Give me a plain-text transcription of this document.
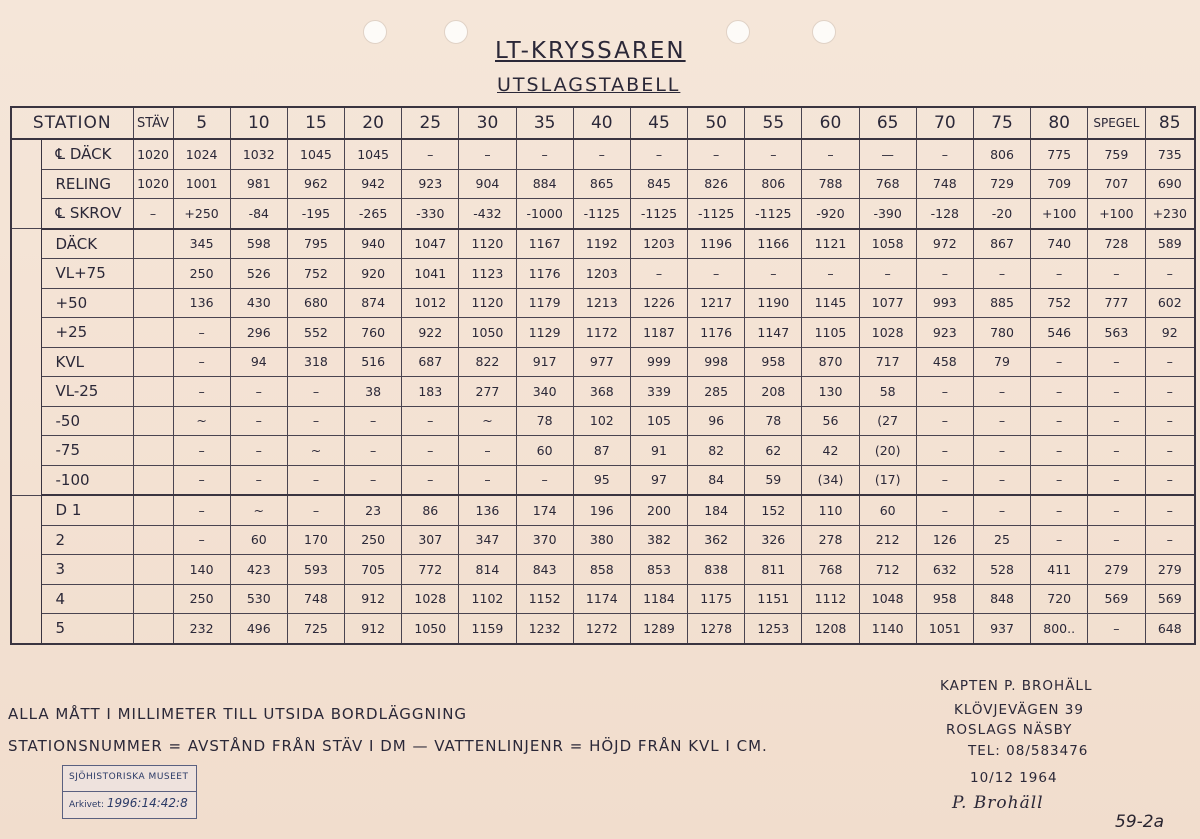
LT-KRYSSAREN
UTSLAGSTABELL
STATION		STÄV	5	10	15	20	25	30	35	40	45	50	55	60	65	70	75	80	SPEGEL	85
	℄ DÄCK	1020	1024	1032	1045	1045	–	–	–	–	–	–	–	–	—	–	806	775	759	735
	RELING	1020	1001	981	962	942	923	904	884	865	845	826	806	788	768	748	729	709	707	690
	℄ SKROV	–	+250	-84	-195	-265	-330	-432	-1000	-1125	-1125	-1125	-1125	-920	-390	-128	-20	+100	+100	+230
	DÄCK		345	598	795	940	1047	1120	1167	1192	1203	1196	1166	1121	1058	972	867	740	728	589
	VL+75		250	526	752	920	1041	1123	1176	1203	–	–	–	–	–	–	–	–	–	–
	+50		136	430	680	874	1012	1120	1179	1213	1226	1217	1190	1145	1077	993	885	752	777	602
	+25		–	296	552	760	922	1050	1129	1172	1187	1176	1147	1105	1028	923	780	546	563	92
	KVL		–	94	318	516	687	822	917	977	999	998	958	870	717	458	79	–	–	–
	VL-25		–	–	–	38	183	277	340	368	339	285	208	130	58	–	–	–	–	–
	-50		~	–	–	–	–	~	78	102	105	96	78	56	(27	–	–	–	–	–
	-75		–	–	~	–	–	–	60	87	91	82	62	42	(20)	–	–	–	–	–
	-100		–	–	–	–	–	–	–	95	97	84	59	(34)	(17)	–	–	–	–	–
	D 1		–	~	–	23	86	136	174	196	200	184	152	110	60	–	–	–	–	–
	2		–	60	170	250	307	347	370	380	382	362	326	278	212	126	25	–	–	–
	3		140	423	593	705	772	814	843	858	853	838	811	768	712	632	528	411	279	279
	4		250	530	748	912	1028	1102	1152	1174	1184	1175	1151	1112	1048	958	848	720	569	569
	5		232	496	725	912	1050	1159	1232	1272	1289	1278	1253	1208	1140	1051	937	800..	–	648
ALLA MÅTT I MILLIMETER TILL UTSIDA BORDLÄGGNING
STATIONSNUMMER = AVSTÅND FRÅN STÄV I DM — VATTENLINJENR = HÖJD FRÅN KVL I CM.
KAPTEN P. BROHÄLL
KLÖVJEVÄGEN 39
ROSLAGS NÄSBY
TEL: 08/583476
10/12 1964
P. Brohäll
SJÖHISTORISKA MUSEET
Arkivet: 1996:14:42:8
59-2a
